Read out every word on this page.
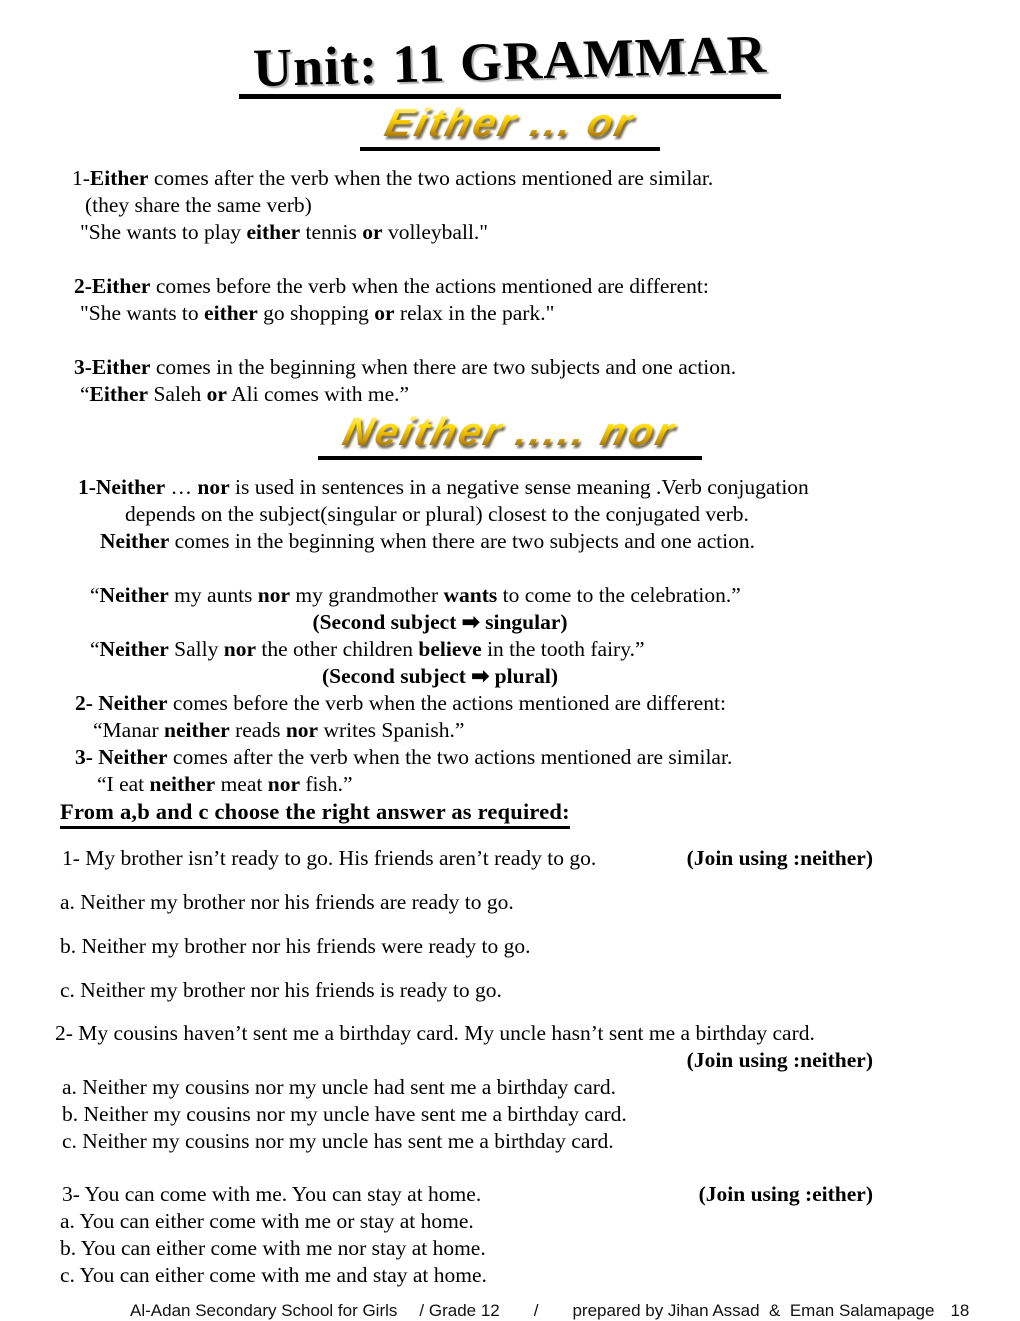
Unit: 11 GRAMMAR
Either ... or
1-Either comes after the verb when the two actions mentioned are similar.
(they share the same verb)
"She wants to play either tennis or volleyball."
2-Either comes before the verb when the actions mentioned are different:
"She wants to either go shopping or relax in the park."
3-Either comes in the beginning when there are two subjects and one action.
“Either Saleh or Ali comes with me.”
Neither ..... nor
1-Neither … nor is used in sentences in a negative sense meaning .Verb conjugation
depends on the subject(singular or plural) closest to the conjugated verb.
Neither comes in the beginning when there are two subjects and one action.
“Neither my aunts nor my grandmother wants to come to the celebration.”
(Second subject ➡ singular)
“Neither Sally nor the other children believe in the tooth fairy.”
(Second subject ➡ plural)
2- Neither comes before the verb when the actions mentioned are different:
“Manar neither reads nor writes Spanish.”
3- Neither comes after the verb when the two actions mentioned are similar.
“I eat neither meat nor fish.”
From a,b and c choose the right answer as required:
1- My brother isn’t ready to go. His friends aren’t ready to go.	(Join using :neither)
a. Neither my brother nor his friends are ready to go.
b. Neither my brother nor his friends were ready to go.
c. Neither my brother nor his friends is ready to go.
2- My cousins haven’t sent me a birthday card. My uncle hasn’t sent me a birthday card.
(Join using :neither)
a. Neither my cousins nor my uncle had sent me a birthday card.
b. Neither my cousins nor my uncle have sent me a birthday card.
c. Neither my cousins nor my uncle has sent me a birthday card.
3- You can come with me. You can stay at home.	(Join using :either)
a. You can either come with me or stay at home.
b. You can either come with me nor stay at home.
c. You can either come with me and stay at home.
Al-Adan Secondary School for Girls / Grade 12 / prepared by Jihan Assad  &  Eman Salama page 18
